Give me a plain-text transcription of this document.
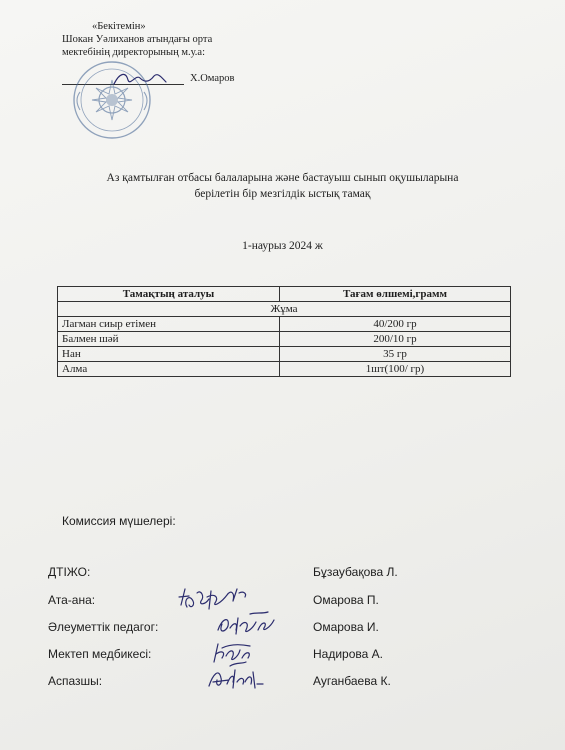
«Бекітемін»
Шокан Уәлиханов атындағы орта
мектебінің директорының м.у.а:
Х.Омаров
Аз қамтылған отбасы балаларына және бастауыш сынып оқушыларына
берілетін бір мезгілдік ыстық тамақ
1-наурыз 2024 ж
Тамақтың аталуы	Тағам өлшемі,грамм
Жұма	
Лагман сиыр етімен	40/200 гр
Балмен шәй	200/10 гр
Нан	35 гр
Алма	1шт(100/ гр)
Комиссия мүшелері:
ДТІЖО:	Бұзаубақова Л.
Ата-ана:	Омарова П.
Әлеуметтік педагог:	Омарова И.
Мектеп медбикесі:	Надирова А.
Аспазшы:	Ауганбаева К.
